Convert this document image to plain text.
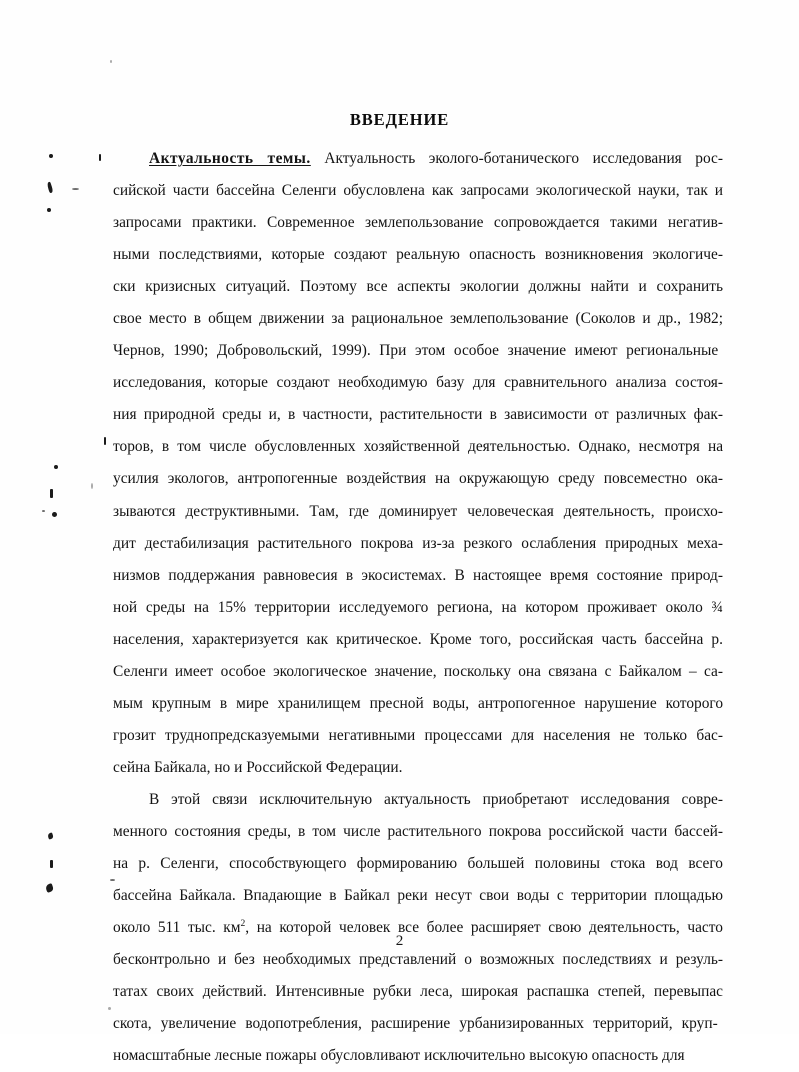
ВВЕДЕНИЕ
Актуальность темы. Актуальность эколого-ботанического исследования рос-
сийской части бассейна Селенги обусловлена как запросами экологической науки, так и
запросами практики. Современное землепользование сопровождается такими негатив-
ными последствиями, которые создают реальную опасность возникновения экологиче-
ски кризисных ситуаций. Поэтому все аспекты экологии должны найти и сохранить
свое место в общем движении за рациональное землепользование (Соколов и др., 1982;
Чернов, 1990; Добровольский, 1999). При этом особое значение имеют региональные
исследования, которые создают необходимую базу для сравнительного анализа состоя-
ния природной среды и, в частности, растительности в зависимости от различных фак-
торов, в том числе обусловленных хозяйственной деятельностью. Однако, несмотря на
усилия экологов, антропогенные воздействия на окружающую среду повсеместно ока-
зываются деструктивными. Там, где доминирует человеческая деятельность, происхо-
дит дестабилизация растительного покрова из-за резкого ослабления природных меха-
низмов поддержания равновесия в экосистемах. В настоящее время состояние природ-
ной среды на 15% территории исследуемого региона, на котором проживает около ¾
населения, характеризуется как критическое. Кроме того, российская часть бассейна р.
Селенги имеет особое экологическое значение, поскольку она связана с Байкалом – са-
мым крупным в мире хранилищем пресной воды, антропогенное нарушение которого
грозит труднопредсказуемыми негативными процессами для населения не только бас-
сейна Байкала, но и Российской Федерации.
В этой связи исключительную актуальность приобретают исследования совре-
менного состояния среды, в том числе растительного покрова российской части бассей-
на р. Селенги, способствующего формированию большей половины стока вод всего
бассейна Байкала. Впадающие в Байкал реки несут свои воды с территории площадью
около 511 тыс. $км^2$, на которой человек все более расширяет свою деятельность, часто
бесконтрольно и без необходимых представлений о возможных последствиях и резуль-
татах своих действий. Интенсивные рубки леса, широкая распашка степей, перевыпас
скота, увеличение водопотребления, расширение урбанизированных территорий, круп-
номасштабные лесные пожары обусловливают исключительно высокую опасность для
2
